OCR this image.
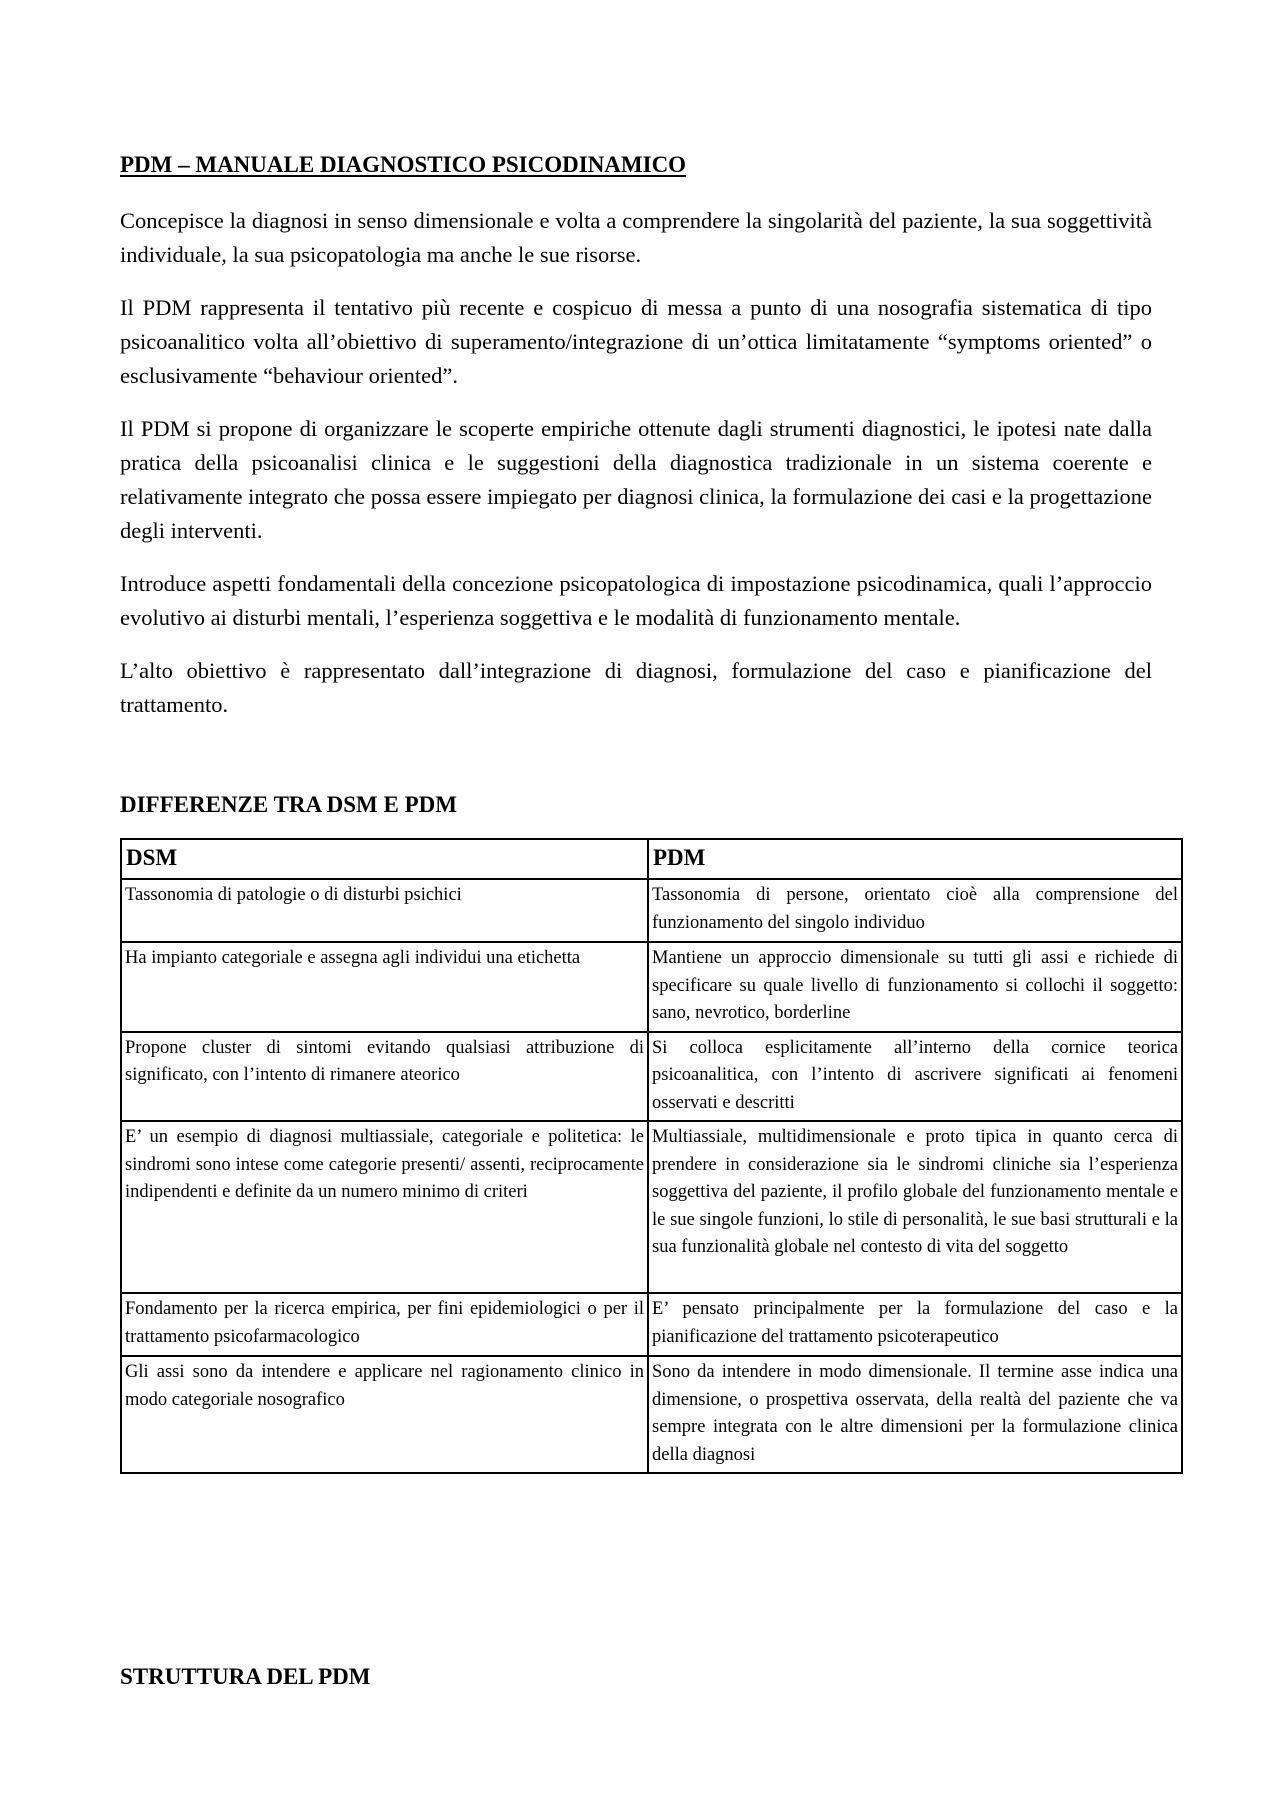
PDM – MANUALE DIAGNOSTICO PSICODINAMICO

Concepisce la diagnosi in senso dimensionale e volta a comprendere la singolarità del paziente, la sua soggettività individuale, la sua psicopatologia ma anche le sue risorse.

Il PDM rappresenta il tentativo più recente e cospicuo di messa a punto di una nosografia sistematica di tipo psicoanalitico volta all’obiettivo di superamento/integrazione di un’ottica limitatamente “symptoms oriented” o esclusivamente “behaviour oriented”.

Il PDM si propone di organizzare le scoperte empiriche ottenute dagli strumenti diagnostici, le ipotesi nate dalla pratica della psicoanalisi clinica e le suggestioni della diagnostica tradizionale in un sistema coerente e relativamente integrato che possa essere impiegato per diagnosi clinica, la formulazione dei casi e la progettazione degli interventi.

Introduce aspetti fondamentali della concezione psicopatologica di impostazione psicodinamica, quali l’approccio evolutivo ai disturbi mentali, l’esperienza soggettiva e le modalità di funzionamento mentale.

L’alto obiettivo è rappresentato dall’integrazione di diagnosi, formulazione del caso e pianificazione del trattamento.

DIFFERENZE TRA DSM E PDM
DSM	PDM
Tassonomia di patologie o di disturbi psichici	Tassonomia di persone, orientato cioè alla comprensione del funzionamento del singolo individuo
Ha impianto categoriale e assegna agli individui una etichetta	Mantiene un approccio dimensionale su tutti gli assi e richiede di specificare su quale livello di funzionamento si collochi il soggetto: sano, nevrotico, borderline
Propone cluster di sintomi evitando qualsiasi attribuzione di significato, con l’intento di rimanere ateorico	Si colloca esplicitamente all’interno della cornice teorica psicoanalitica, con l’intento di ascrivere significati ai fenomeni osservati e descritti
E’ un esempio di diagnosi multiassiale, categoriale e politetica: le sindromi sono intese come categorie presenti/ assenti, reciprocamente indipendenti e definite da un numero minimo di criteri	Multiassiale, multidimensionale e proto tipica in quanto cerca di prendere in considerazione sia le sindromi cliniche sia l’esperienza soggettiva del paziente, il profilo globale del funzionamento mentale e le sue singole funzioni, lo stile di personalità, le sue basi strutturali e la sua funzionalità globale nel contesto di vita del soggetto
Fondamento per la ricerca empirica, per fini epidemiologici o per il trattamento psicofarmacologico	E’ pensato principalmente per la formulazione del caso e la pianificazione del trattamento psicoterapeutico
Gli assi sono da intendere e applicare nel ragionamento clinico in modo categoriale nosografico	Sono da intendere in modo dimensionale. Il termine asse indica una dimensione, o prospettiva osservata, della realtà del paziente che va sempre integrata con le altre dimensioni per la formulazione clinica della diagnosi
STRUTTURA DEL PDM
